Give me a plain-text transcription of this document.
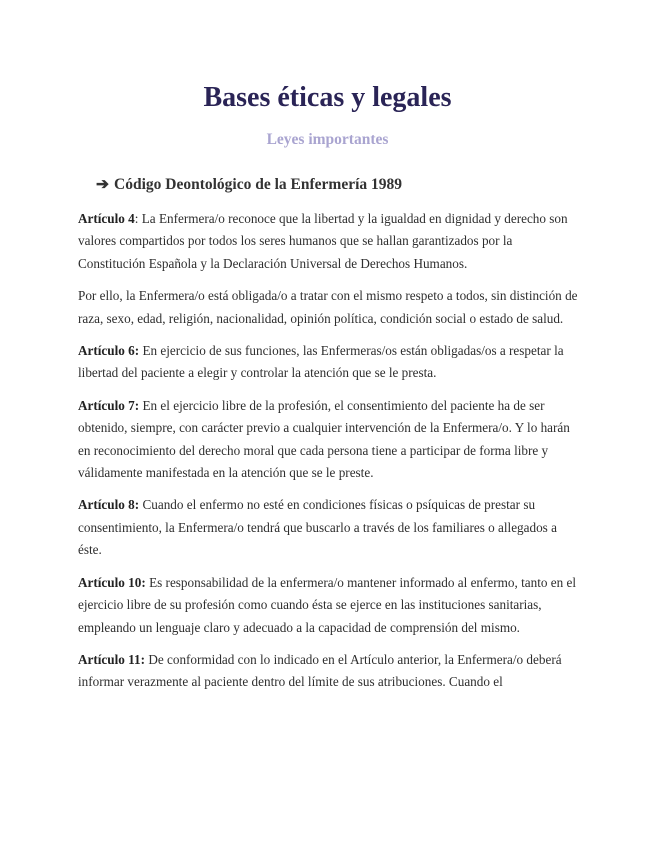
Bases éticas y legales
Leyes importantes
➔ Código Deontológico de la Enfermería 1989

Artículo 4: La Enfermera/o reconoce que la libertad y la igualdad en dignidad y derecho son valores compartidos por todos los seres humanos que se hallan garantizados por la Constitución Española y la Declaración Universal de Derechos Humanos.

Por ello, la Enfermera/o está obligada/o a tratar con el mismo respeto a todos, sin distinción de raza, sexo, edad, religión, nacionalidad, opinión política, condición social o estado de salud.

Artículo 6: En ejercicio de sus funciones, las Enfermeras/os están obligadas/os a respetar la libertad del paciente a elegir y controlar la atención que se le presta.

Artículo 7: En el ejercicio libre de la profesión, el consentimiento del paciente ha de ser obtenido, siempre, con carácter previo a cualquier intervención de la Enfermera/o. Y lo harán en reconocimiento del derecho moral que cada persona tiene a participar de forma libre y válidamente manifestada en la atención que se le preste.

Artículo 8: Cuando el enfermo no esté en condiciones físicas o psíquicas de prestar su consentimiento, la Enfermera/o tendrá que buscarlo a través de los familiares o allegados a éste.

Artículo 10: Es responsabilidad de la enfermera/o mantener informado al enfermo, tanto en el ejercicio libre de su profesión como cuando ésta se ejerce en las instituciones sanitarias, empleando un lenguaje claro y adecuado a la capacidad de comprensión del mismo.

Artículo 11: De conformidad con lo indicado en el Artículo anterior, la Enfermera/o deberá informar verazmente al paciente dentro del límite de sus atribuciones. Cuando el
